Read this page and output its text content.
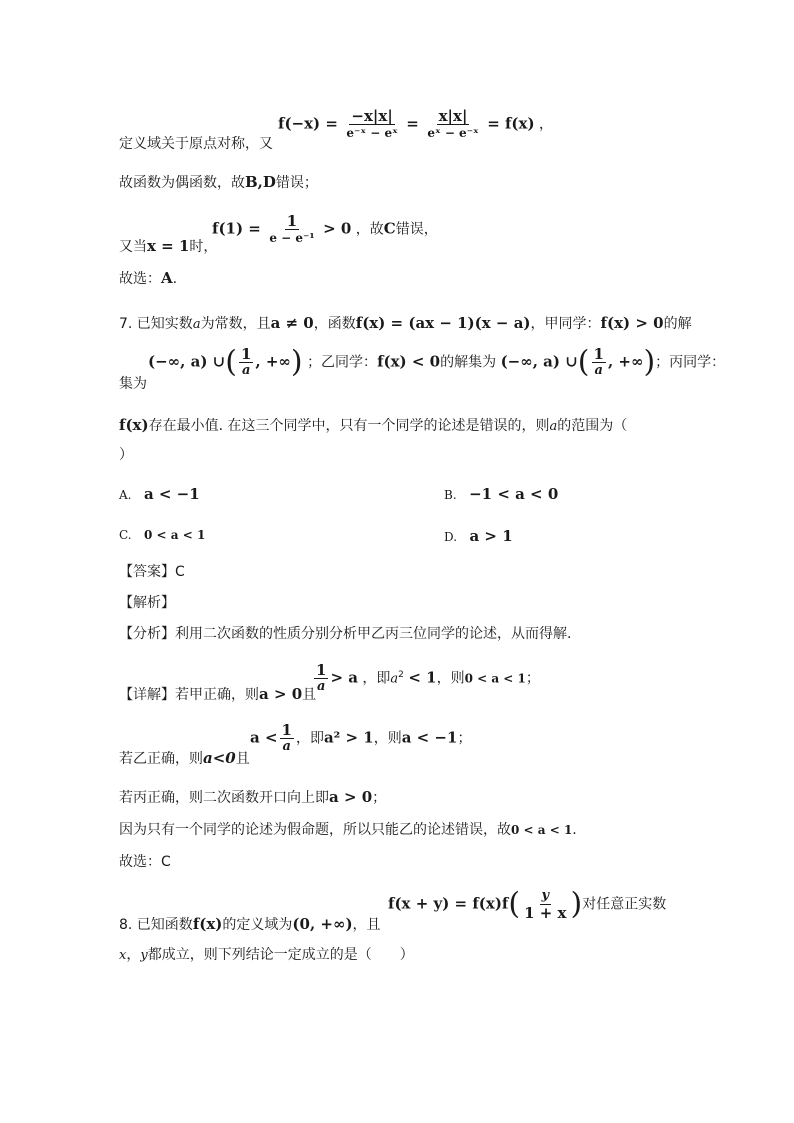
定义域关于原点对称，又
$f(-x) = \frac{-x|x|}{\text{e⁻ˣ − eˣ}} = \frac{x|x|}{\text{eˣ − e⁻ˣ}} = f(x)$ ，
故函数为偶函数，故B,D错误；
又当x = 1时，
$f(1) = \frac{1}{\text{e − e⁻¹}} > 0$ ，故C错误，
故选：A.
7. 已知实数a为常数，且a ≠ 0，函数f(x) = (ax − 1)(x − a)，甲同学：f(x) > 0的解
集为
(−∞, a) ∪( $\frac{1}{a}$ , +∞) ；乙同学：f(x) < 0的解集为 (−∞, a) ∪( $\frac{1}{a}$ , +∞)；丙同学：
f(x)存在最小值. 在这三个同学中，只有一个同学的论述是错误的，则a的范围为（
）
A. a < −1	B. −1 < a < 0
C. 0 < a < 1	D. a > 1
【答案】C
【解析】
【分析】利用二次函数的性质分别分析甲乙丙三位同学的论述，从而得解.
【详解】若甲正确，则a > 0且
$\frac{1}{a} > a$ ，即$a^2 < 1$，则0 < a < 1；
若乙正确，则a<0且
$a < \frac{1}{a}$ ，即a² > 1，则a < −1；
若丙正确，则二次函数开口向上即a > 0；
因为只有一个同学的论述为假命题，所以只能乙的论述错误，故0 < a < 1.
故选：C
8. 已知函数f(x)的定义域为(0, +∞)，且
$f(x + y) = f(x)f( \frac{y}{1 + x}$ )对任意正实数
x，y都成立，则下列结论一定成立的是（　　）
